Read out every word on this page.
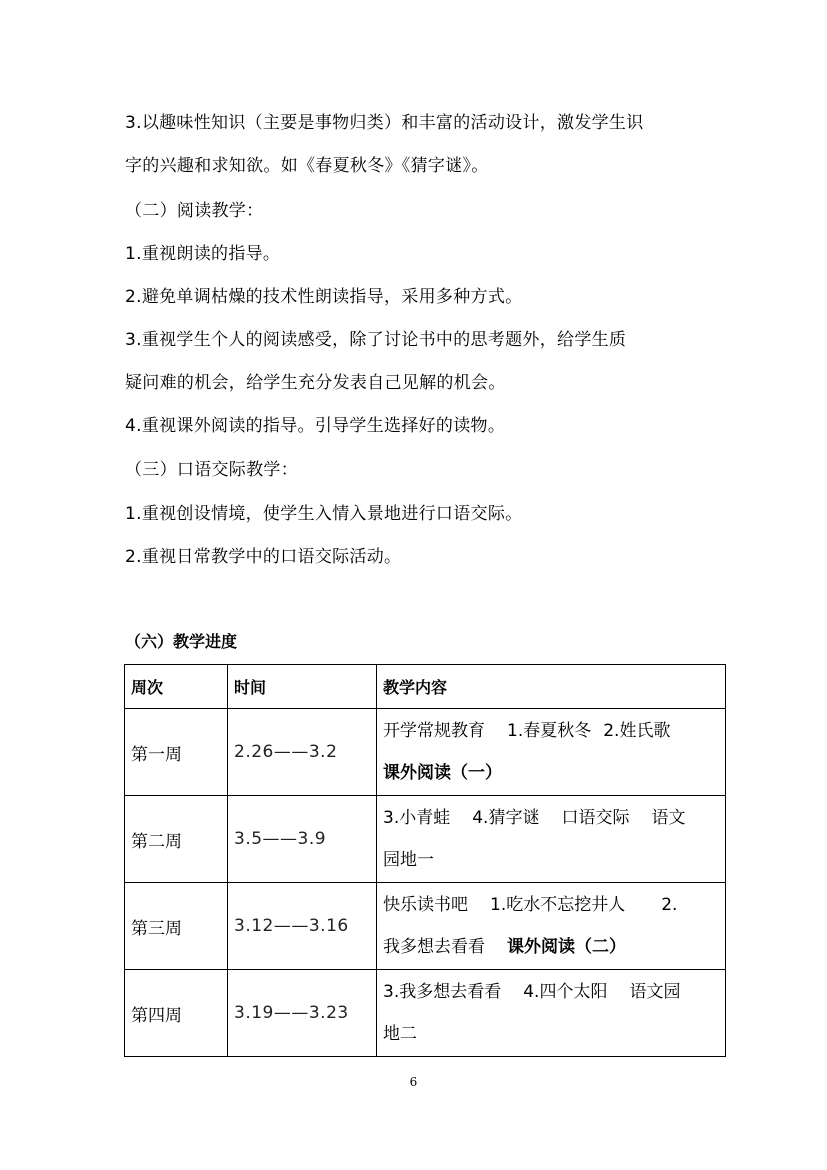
3.以趣味性知识（主要是事物归类）和丰富的活动设计，激发学生识
字的兴趣和求知欲。如《春夏秋冬》《猜字谜》。
（二）阅读教学：
1.重视朗读的指导。
2.避免单调枯燥的技术性朗读指导，采用多种方式。
3.重视学生个人的阅读感受，除了讨论书中的思考题外，给学生质
疑问难的机会，给学生充分发表自己见解的机会。
4.重视课外阅读的指导。引导学生选择好的读物。
（三）口语交际教学：
1.重视创设情境，使学生入情入景地进行口语交际。
2.重视日常教学中的口语交际活动。
（六）教学进度
周次	时间	教学内容
第一周	2.26——3.2	开学常规教育 1.春夏秋冬 2.姓氏歌
课外阅读（一）

第二周	3.5——3.9	3.小青蛙 4.猜字谜 口语交际 语文
园地一

第三周	3.12——3.16	快乐读书吧 1.吃水不忘挖井人 2.
我多想去看看 课外阅读（二）

第四周	3.19——3.23	3.我多想去看看 4.四个太阳 语文园
地二
6
